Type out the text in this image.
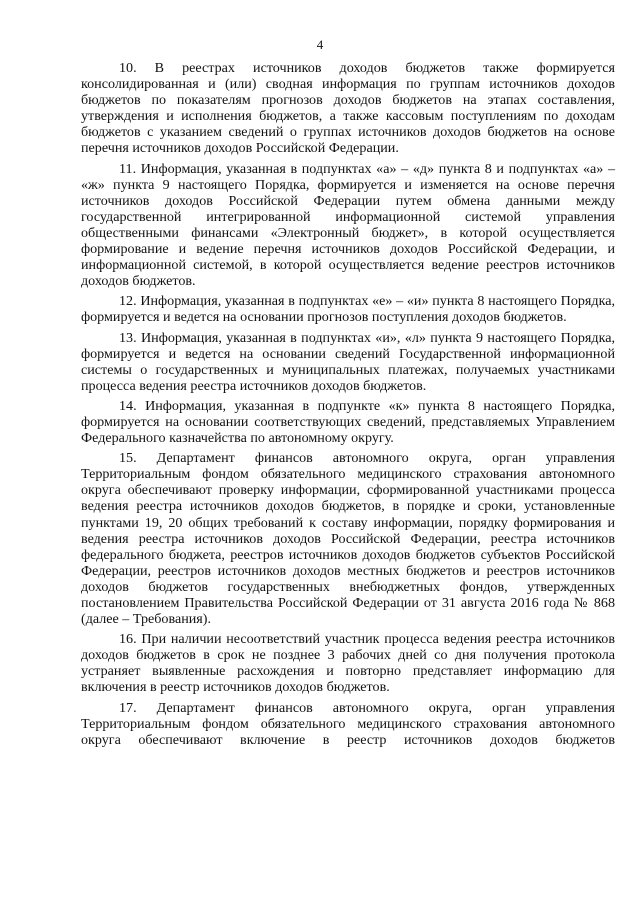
4

10. В реестрах источников доходов бюджетов также формируется консолидированная и (или) сводная информация по группам источников доходов бюджетов по показателям прогнозов доходов бюджетов на этапах составления, утверждения и исполнения бюджетов, а также кассовым поступлениям по доходам бюджетов с указанием сведений о группах источников доходов бюджетов на основе перечня источников доходов Российской Федерации.

11. Информация, указанная в подпунктах «а» – «д» пункта 8 и подпунктах «а» – «ж» пункта 9 настоящего Порядка, формируется и изменяется на основе перечня источников доходов Российской Федерации путем обмена данными между государственной интегрированной информационной системой управления общественными финансами «Электронный бюджет», в которой осуществляется формирование и ведение перечня источников доходов Российской Федерации, и информационной системой, в которой осуществляется ведение реестров источников доходов бюджетов.

12. Информация, указанная в подпунктах «е» – «и» пункта 8 настоящего Порядка, формируется и ведется на основании прогнозов поступления доходов бюджетов.

13. Информация, указанная в подпунктах «и», «л» пункта 9 настоящего Порядка, формируется и ведется на основании сведений Государственной информационной системы о государственных и муниципальных платежах, получаемых участниками процесса ведения реестра источников доходов бюджетов.

14. Информация, указанная в подпункте «к» пункта 8 настоящего Порядка, формируется на основании соответствующих сведений, представляемых Управлением Федерального казначейства по автономному округу.

15. Департамент финансов автономного округа, орган управления Территориальным фондом обязательного медицинского страхования автономного округа обеспечивают проверку информации, сформированной участниками процесса ведения реестра источников доходов бюджетов, в порядке и сроки, установленные пунктами 19, 20 общих требований к составу информации, порядку формирования и ведения реестра источников доходов Российской Федерации, реестра источников федерального бюджета, реестров источников доходов бюджетов субъектов Российской Федерации, реестров источников доходов местных бюджетов и реестров источников доходов бюджетов государственных внебюджетных фондов, утвержденных постановлением Правительства Российской Федерации от 31 августа 2016 года № 868 (далее – Требования).

16. При наличии несоответствий участник процесса ведения реестра источников доходов бюджетов в срок не позднее 3 рабочих дней со дня получения протокола устраняет выявленные расхождения и повторно представляет информацию для включения в реестр источников доходов бюджетов.

17. Департамент финансов автономного округа, орган управления Территориальным фондом обязательного медицинского страхования автономного округа обеспечивают включение в реестр источников доходов бюджетов
